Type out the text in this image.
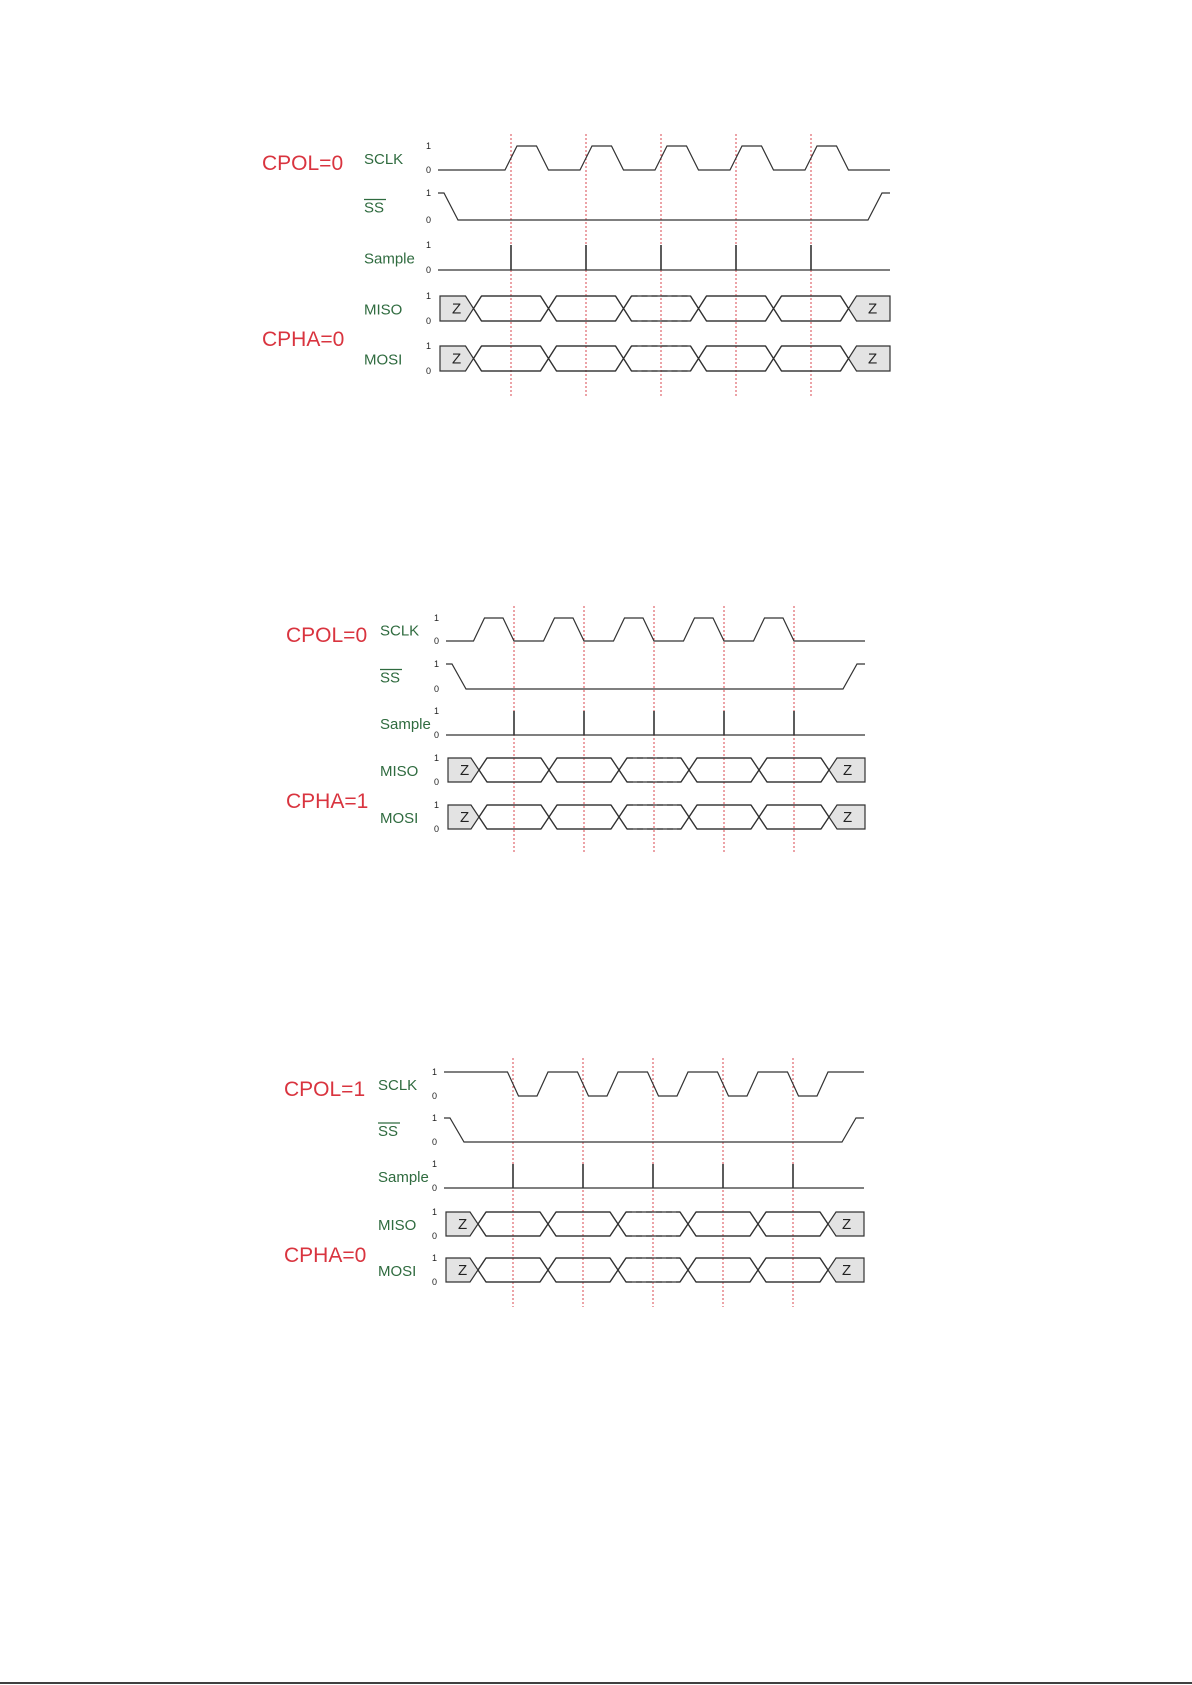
CPOL=0
CPHA=0
SCLK
1
0
SS
1
0
Sample
1
0
MISO
1
0
MOSI
1
0
Z	Z
Z	Z
CPOL=0
CPHA=1
SCLK
1
0
SS
1
0
Sample
1
0
MISO
1
0
MOSI
1
0
Z	Z
Z	Z
CPOL=1
CPHA=0
SCLK
1
0
SS
1
0
Sample
1
0
MISO
1
0
MOSI
1
0
Z	Z
Z	Z
